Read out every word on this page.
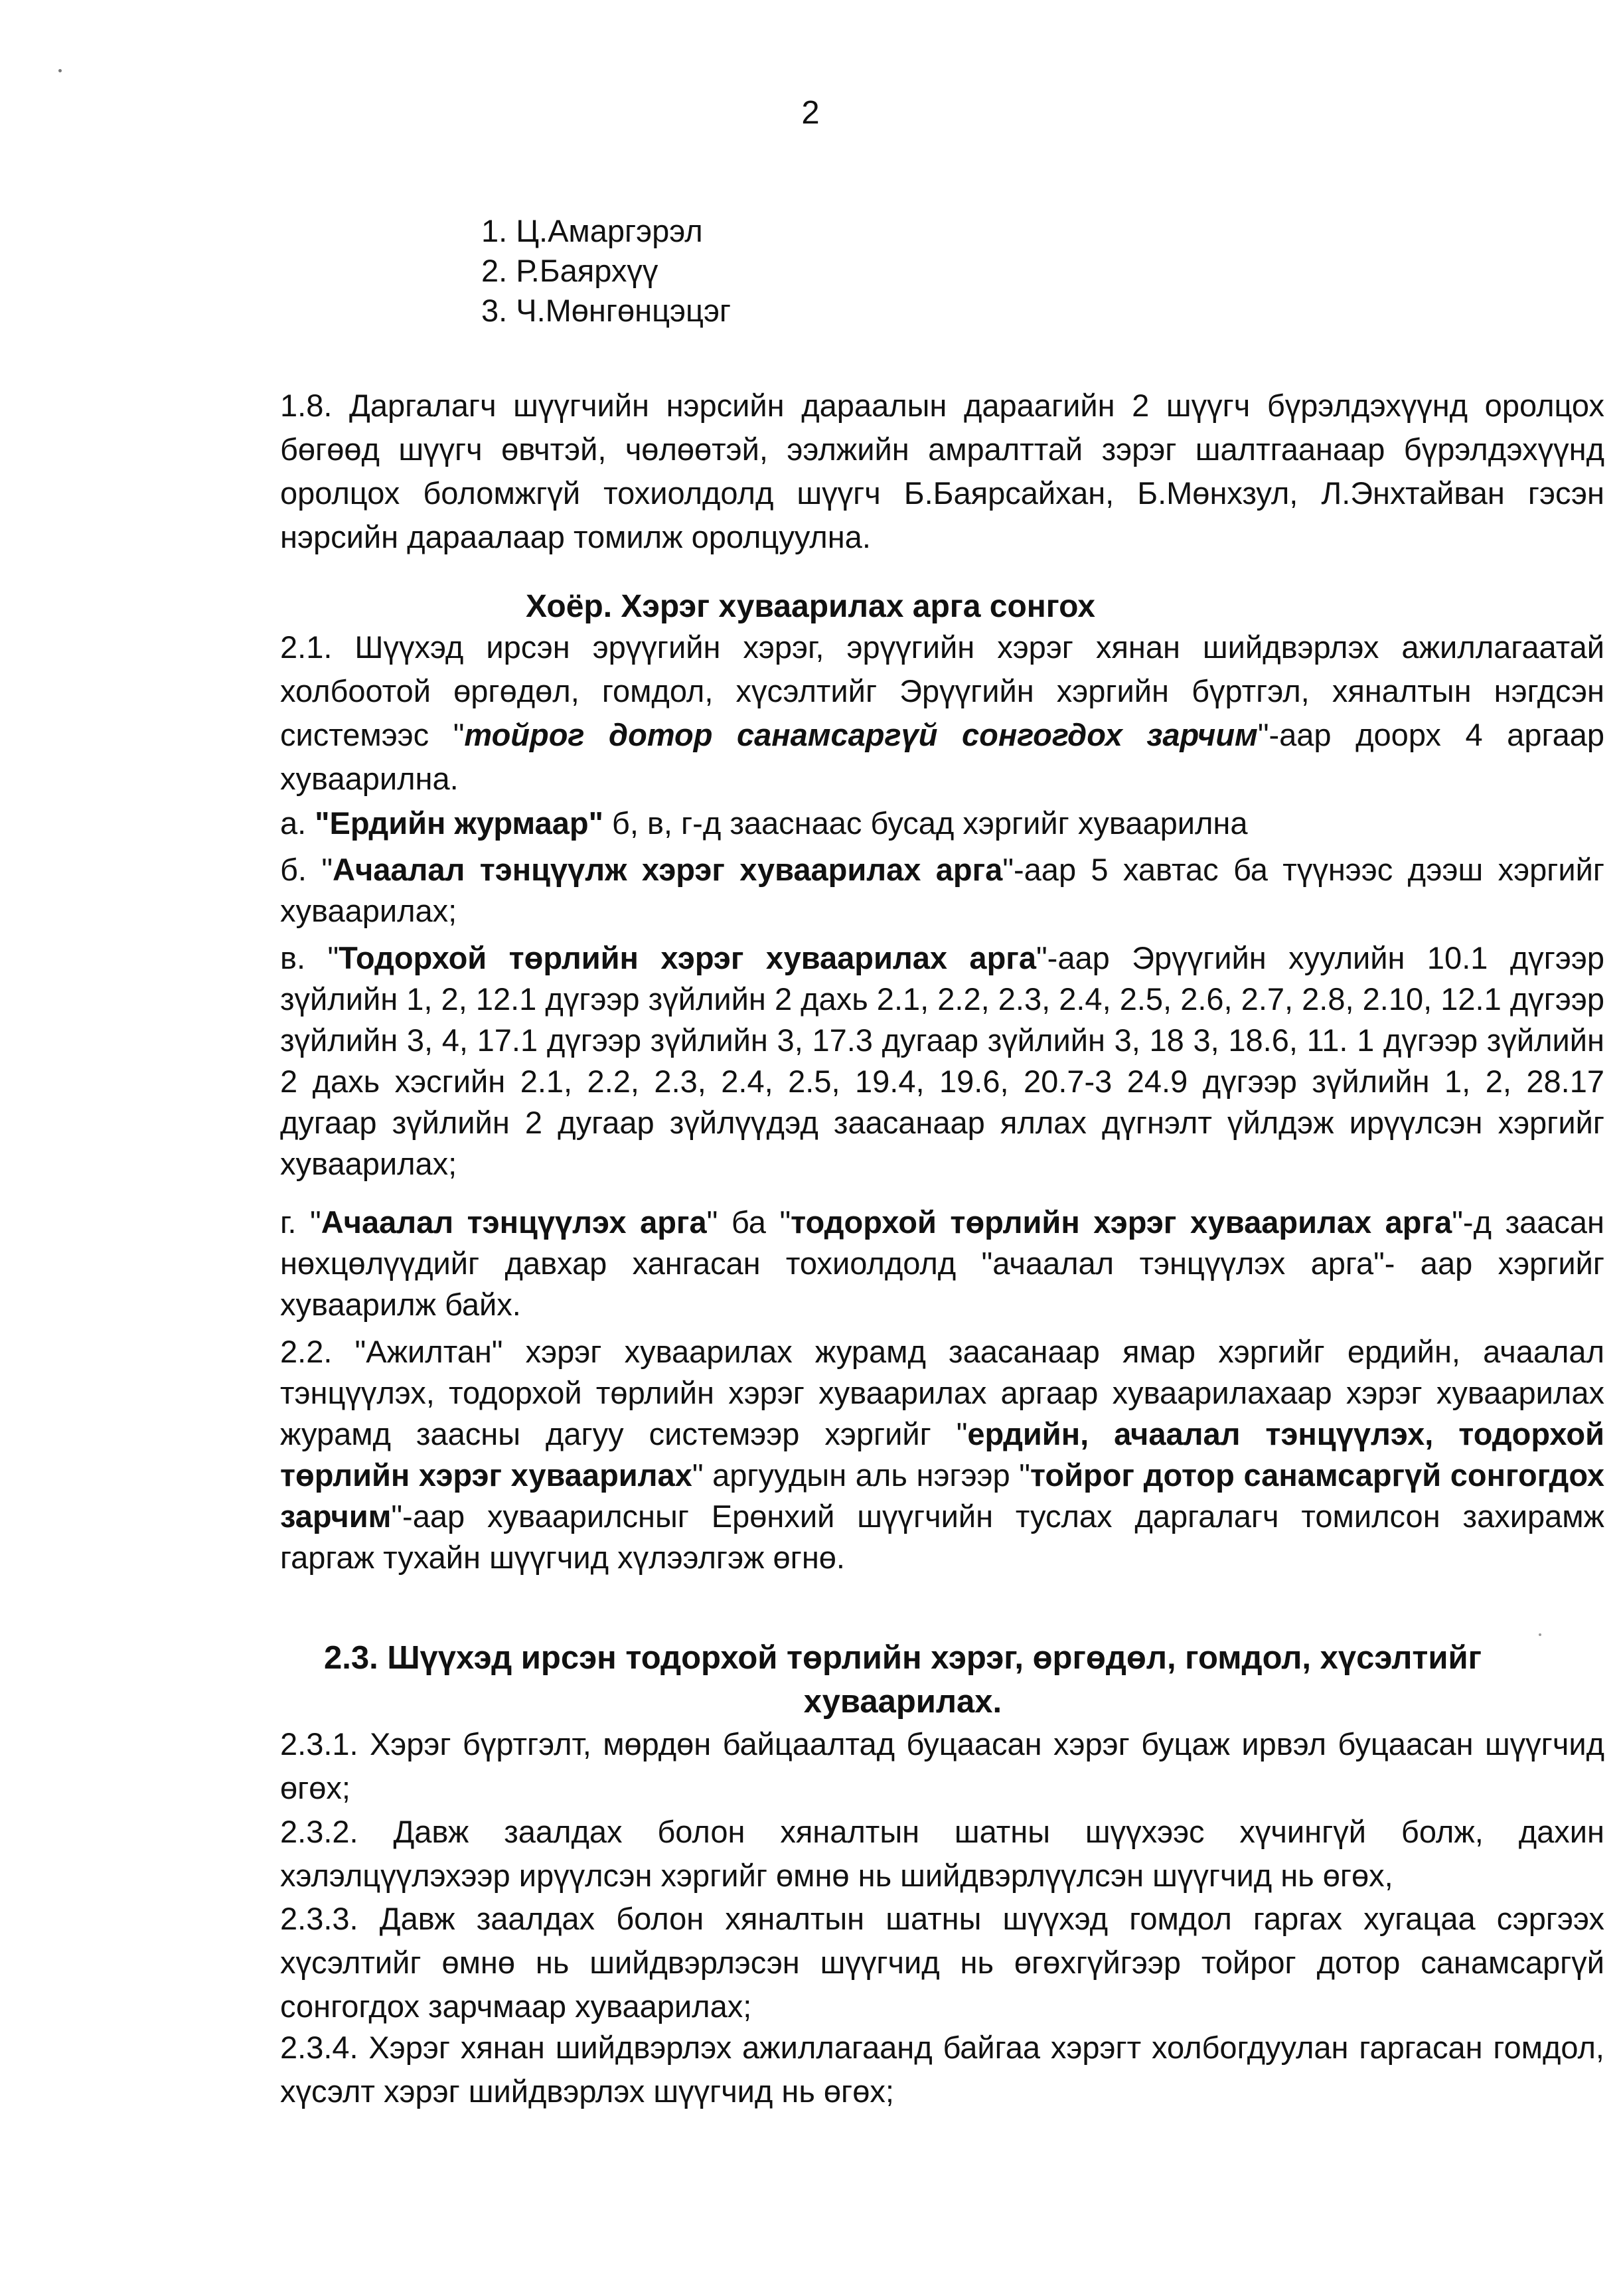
2
1. Ц.Амаргэрэл
2. Р.Баярхүү
3. Ч.Мөнгөнцэцэг

1.8. Даргалагч шүүгчийн нэрсийн дараалын дараагийн 2 шүүгч бүрэлдэхүүнд оролцох бөгөөд шүүгч өвчтэй, чөлөөтэй, ээлжийн амралттай зэрэг шалтгаанаар бүрэлдэхүүнд оролцох боломжгүй тохиолдолд шүүгч Б.Баярсайхан, Б.Мөнхзул, Л.Энхтайван гэсэн нэрсийн дараалаар томилж оролцуулна.

Хоёр. Хэрэг хуваарилах арга сонгох

2.1. Шүүхэд ирсэн эрүүгийн хэрэг, эрүүгийн хэрэг хянан шийдвэрлэх ажиллагаатай холбоотой өргөдөл, гомдол, хүсэлтийг Эрүүгийн хэргийн бүртгэл, хяналтын нэгдсэн системээс "тойрог дотор санамсаргүй сонгогдох зарчим"-аар доорх 4 аргаар хуваарилна.

а. "Ердийн журмаар" б, в, г-д зааснаас бусад хэргийг хуваарилна

б. "Ачаалал тэнцүүлж хэрэг хуваарилах арга"-аар 5 хавтас ба түүнээс дээш хэргийг хуваарилах;

в. "Тодорхой төрлийн хэрэг хуваарилах арга"-аар Эрүүгийн хуулийн 10.1 дүгээр зүйлийн 1, 2, 12.1 дүгээр зүйлийн 2 дахь 2.1, 2.2, 2.3, 2.4, 2.5, 2.6, 2.7, 2.8, 2.10, 12.1 дүгээр зүйлийн 3, 4, 17.1 дүгээр зүйлийн 3, 17.3 дугаар зүйлийн 3, 18 3, 18.6, 11. 1 дүгээр зүйлийн 2 дахь хэсгийн 2.1, 2.2, 2.3, 2.4, 2.5, 19.4, 19.6, 20.7-3 24.9 дүгээр зүйлийн 1, 2, 28.17 дугаар зүйлийн 2 дугаар зүйлүүдэд заасанаар яллах дүгнэлт үйлдэж ирүүлсэн хэргийг хуваарилах;

г. "Ачаалал тэнцүүлэх арга" ба "тодорхой төрлийн хэрэг хуваарилах арга"-д заасан нөхцөлүүдийг давхар хангасан тохиолдолд "ачаалал тэнцүүлэх арга"- аар хэргийг хуваарилж байх.

2.2. "Ажилтан" хэрэг хуваарилах журамд заасанаар ямар хэргийг ердийн, ачаалал тэнцүүлэх, тодорхой төрлийн хэрэг хуваарилах аргаар хуваарилахаар хэрэг хуваарилах журамд заасны дагуу системээр хэргийг "ердийн, ачаалал тэнцүүлэх, тодорхой төрлийн хэрэг хуваарилах" аргуудын аль нэгээр "тойрог дотор санамсаргүй сонгогдох зарчим"-аар хуваарилсныг Ерөнхий шүүгчийн туслах даргалагч томилсон захирамж гаргаж тухайн шүүгчид хүлээлгэж өгнө.

2.3. Шүүхэд ирсэн тодорхой төрлийн хэрэг, өргөдөл, гомдол, хүсэлтийг хуваарилах.

2.3.1. Хэрэг бүртгэлт, мөрдөн байцаалтад буцаасан хэрэг буцаж ирвэл буцаасан шүүгчид өгөх;

2.3.2. Давж заалдах болон хяналтын шатны шүүхээс хүчингүй болж, дахин хэлэлцүүлэхээр ирүүлсэн хэргийг өмнө нь шийдвэрлүүлсэн шүүгчид нь өгөх,

2.3.3. Давж заалдах болон хяналтын шатны шүүхэд гомдол гаргах хугацаа сэргээх хүсэлтийг өмнө нь шийдвэрлэсэн шүүгчид нь өгөхгүйгээр тойрог дотор санамсаргүй сонгогдох зарчмаар хуваарилах;

2.3.4. Хэрэг хянан шийдвэрлэх ажиллагаанд байгаа хэрэгт холбогдуулан гаргасан гомдол, хүсэлт хэрэг шийдвэрлэх шүүгчид нь өгөх;
